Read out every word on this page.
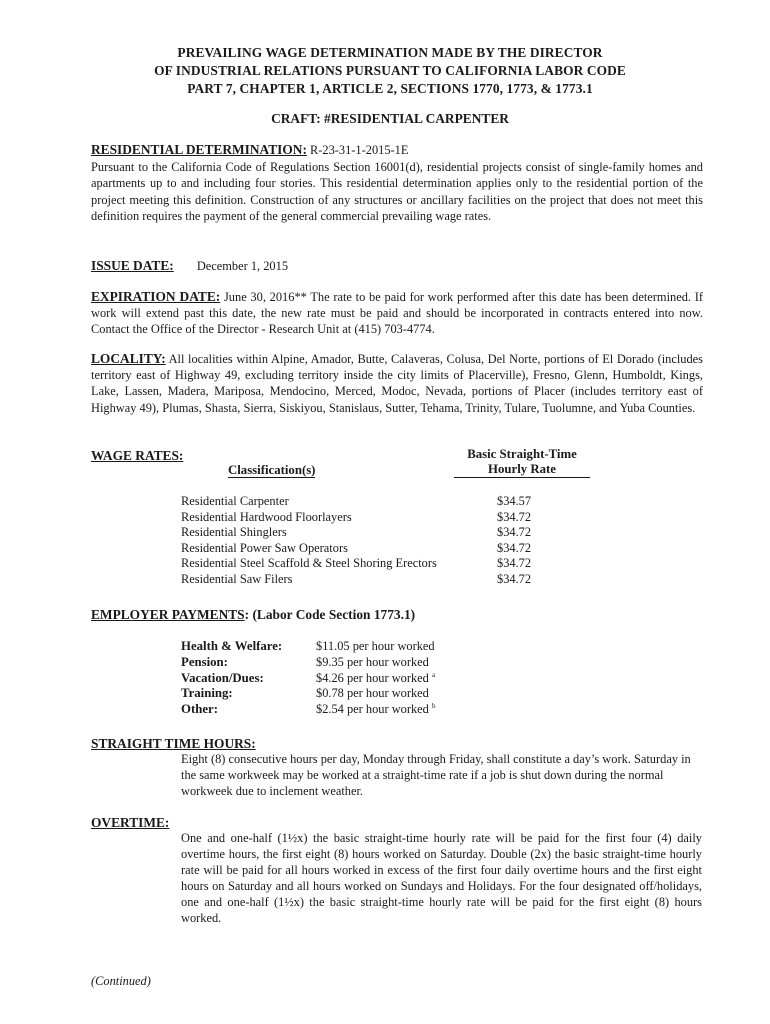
PREVAILING WAGE DETERMINATION MADE BY THE DIRECTOR
OF INDUSTRIAL RELATIONS PURSUANT TO CALIFORNIA LABOR CODE
PART 7, CHAPTER 1, ARTICLE 2, SECTIONS 1770, 1773, & 1773.1
CRAFT: #RESIDENTIAL CARPENTER
RESIDENTIAL DETERMINATION: R-23-31-1-2015-1E
Pursuant to the California Code of Regulations Section 16001(d), residential projects consist of single-family homes and apartments up to and including four stories. This residential determination applies only to the residential portion of the project meeting this definition. Construction of any structures or ancillary facilities on the project that does not meet this definition requires the payment of the general commercial prevailing wage rates.
ISSUE DATE: December 1, 2015
EXPIRATION DATE: June 30, 2016** The rate to be paid for work performed after this date has been determined. If work will extend past this date, the new rate must be paid and should be incorporated in contracts entered into now. Contact the Office of the Director - Research Unit at (415) 703-4774.
LOCALITY: All localities within Alpine, Amador, Butte, Calaveras, Colusa, Del Norte, portions of El Dorado (includes territory east of Highway 49, excluding territory inside the city limits of Placerville), Fresno, Glenn, Humboldt, Kings, Lake, Lassen, Madera, Mariposa, Mendocino, Merced, Modoc, Nevada, portions of Placer (includes territory east of Highway 49), Plumas, Shasta, Sierra, Siskiyou, Stanislaus, Sutter, Tehama, Trinity, Tulare, Tuolumne, and Yuba Counties.
WAGE RATES:
Classification(s)
Basic Straight-Time
Hourly Rate
Residential Carpenter	$34.57
Residential Hardwood Floorlayers	$34.72
Residential Shinglers	$34.72
Residential Power Saw Operators	$34.72
Residential Steel Scaffold & Steel Shoring Erectors	$34.72
Residential Saw Filers	$34.72
EMPLOYER PAYMENTS: (Labor Code Section 1773.1)
Health & Welfare:	$11.05 per hour worked
Pension:	$9.35 per hour worked
Vacation/Dues:	$4.26 per hour worked $^a$
Training:	$0.78 per hour worked
Other:	$2.54 per hour worked $^b$
STRAIGHT TIME HOURS:
Eight (8) consecutive hours per day, Monday through Friday, shall constitute a day’s work. Saturday in the same workweek may be worked at a straight-time rate if a job is shut down during the normal workweek due to inclement weather.
OVERTIME:
One and one-half (1½x) the basic straight-time hourly rate will be paid for the first four (4) daily overtime hours, the first eight (8) hours worked on Saturday. Double (2x) the basic straight-time hourly rate will be paid for all hours worked in excess of the first four daily overtime hours and the first eight hours on Saturday and all hours worked on Sundays and Holidays. For the four designated off/holidays, one and one-half (1½x) the basic straight-time hourly rate will be paid for the first eight (8) hours worked.
(Continued)
